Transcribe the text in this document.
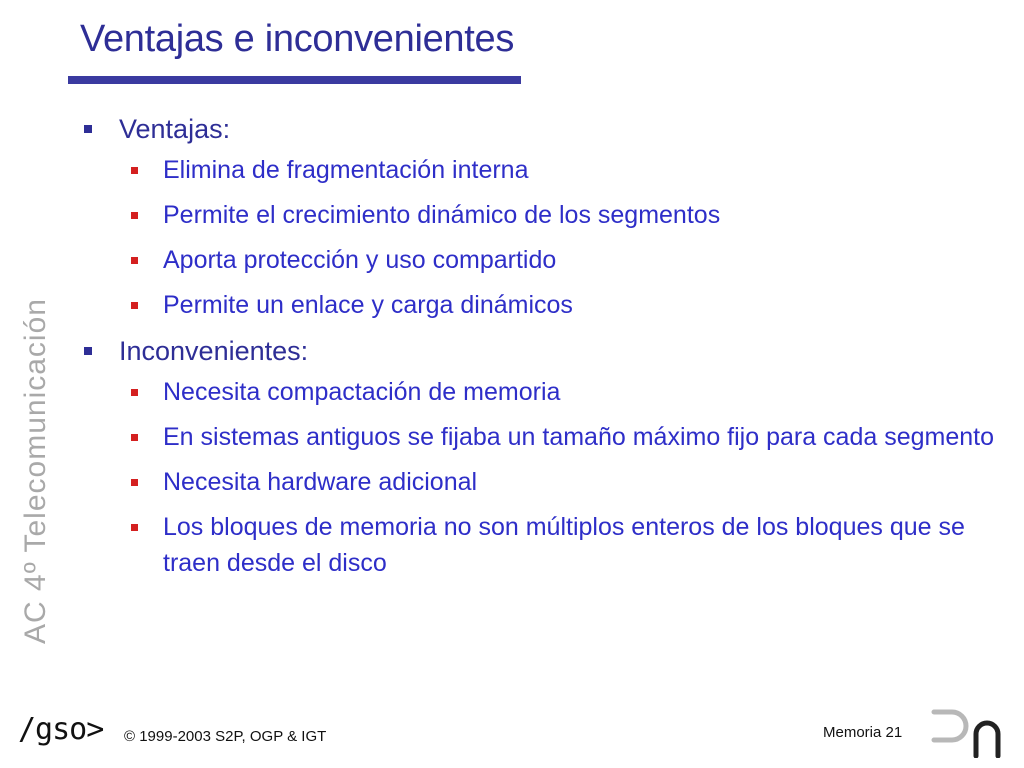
Ventajas e inconvenientes
Ventajas:
Elimina de fragmentación interna
Permite el crecimiento dinámico de los segmentos
Aporta protección y uso compartido
Permite un enlace y carga dinámicos
Inconvenientes:
Necesita compactación de memoria
En sistemas antiguos se fijaba un tamaño máximo fijo para cada segmento
Necesita hardware adicional
Los bloques de memoria no son múltiplos enteros de los bloques que se traen desde el disco
AC 4º Telecomunicación
/gso> © 1999-2003 S2P, OGP & IGT	Memoria 21
